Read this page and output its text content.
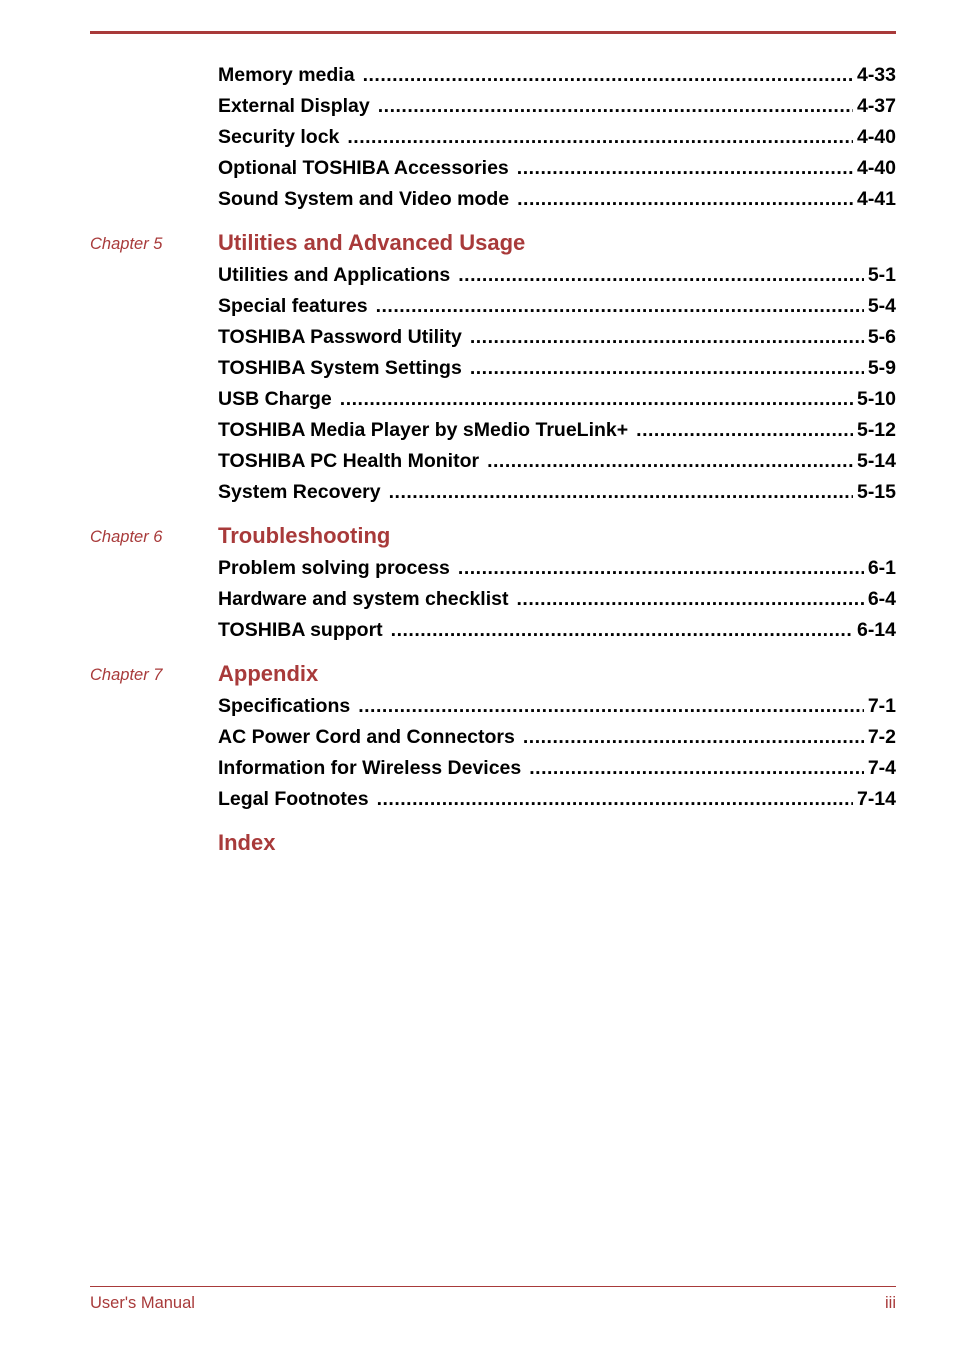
Memory media .....	4-33
External Display .....	4-37
Security lock .....	4-40
Optional TOSHIBA Accessories .....	4-40
Sound System and Video mode .....	4-41
Chapter 5	Utilities and Advanced Usage
Utilities and Applications .....	5-1
Special features .....	5-4
TOSHIBA Password Utility .....	5-6
TOSHIBA System Settings .....	5-9
USB Charge .....	5-10
TOSHIBA Media Player by sMedio TrueLink+ .....	5-12
TOSHIBA PC Health Monitor .....	5-14
System Recovery .....	5-15
Chapter 6	Troubleshooting
Problem solving process .....	6-1
Hardware and system checklist .....	6-4
TOSHIBA support .....	6-14
Chapter 7	Appendix
Specifications .....	7-1
AC Power Cord and Connectors .....	7-2
Information for Wireless Devices .....	7-4
Legal Footnotes .....	7-14
Index
User's Manual	iii
